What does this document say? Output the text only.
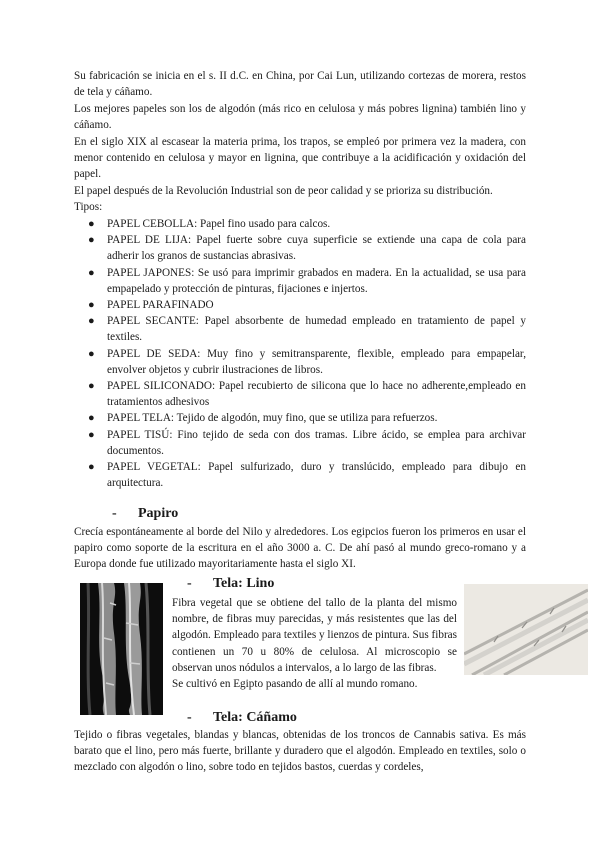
Su fabricación se inicia en el s. II d.C. en China, por Cai Lun, utilizando cortezas de morera, restos de tela y cáñamo.

Los mejores papeles son los de algodón (más rico en celulosa y más pobres lignina) también lino y cáñamo.

En el siglo XIX al escasear la materia prima, los trapos, se empleó por primera vez la madera, con menor contenido en celulosa y mayor en lignina, que contribuye a la acidificación y oxidación del papel.

El papel después de la Revolución Industrial son de peor calidad y se prioriza su distribución.

Tipos:

● PAPEL CEBOLLA: Papel fino usado para calcos.
● PAPEL DE LIJA: Papel fuerte sobre cuya superficie se extiende una capa de cola para adherir los granos de sustancias abrasivas.
● PAPEL JAPONES: Se usó para imprimir grabados en madera. En la actualidad, se usa para empapelado y protección de pinturas, fijaciones e injertos.
● PAPEL PARAFINADO
● PAPEL SECANTE: Papel absorbente de humedad empleado en tratamiento de papel y textiles.
● PAPEL DE SEDA: Muy fino y semitransparente, flexible, empleado para empapelar, envolver objetos y cubrir ilustraciones de libros.
● PAPEL SILICONADO: Papel recubierto de silicona que lo hace no adherente,empleado en tratamientos adhesivos
● PAPEL TELA: Tejido de algodón, muy fino, que se utiliza para refuerzos.
● PAPEL TISÚ: Fino tejido de seda con dos tramas. Libre ácido, se emplea para archivar documentos.
● PAPEL VEGETAL: Papel sulfurizado, duro y translúcido, empleado para dibujo en arquitectura.
- Papiro

Crecía espontáneamente al borde del Nilo y alrededores. Los egipcios fueron los primeros en usar el papiro como soporte de la escritura en el año 3000 a. C. De ahí pasó al mundo greco-romano y a Europa donde fue utilizado mayoritariamente hasta el siglo XI.

- Tela: Lino
Fibra vegetal que se obtiene del tallo de la planta del mismo nombre, de fibras muy parecidas, y más resistentes que las del algodón. Empleado para textiles y lienzos de pintura. Sus fibras contienen un 70 u 80% de celulosa. Al microscopio se observan unos nódulos a intervalos, a lo largo de las fibras.
Se cultivó en Egipto pasando de allí al mundo romano.
- Tela: Cáñamo

Tejido o fibras vegetales, blandas y blancas, obtenidas de los troncos de Cannabis sativa. Es más barato que el lino, pero más fuerte, brillante y duradero que el algodón. Empleado en textiles, solo o mezclado con algodón o lino, sobre todo en tejidos bastos, cuerdas y cordeles,
